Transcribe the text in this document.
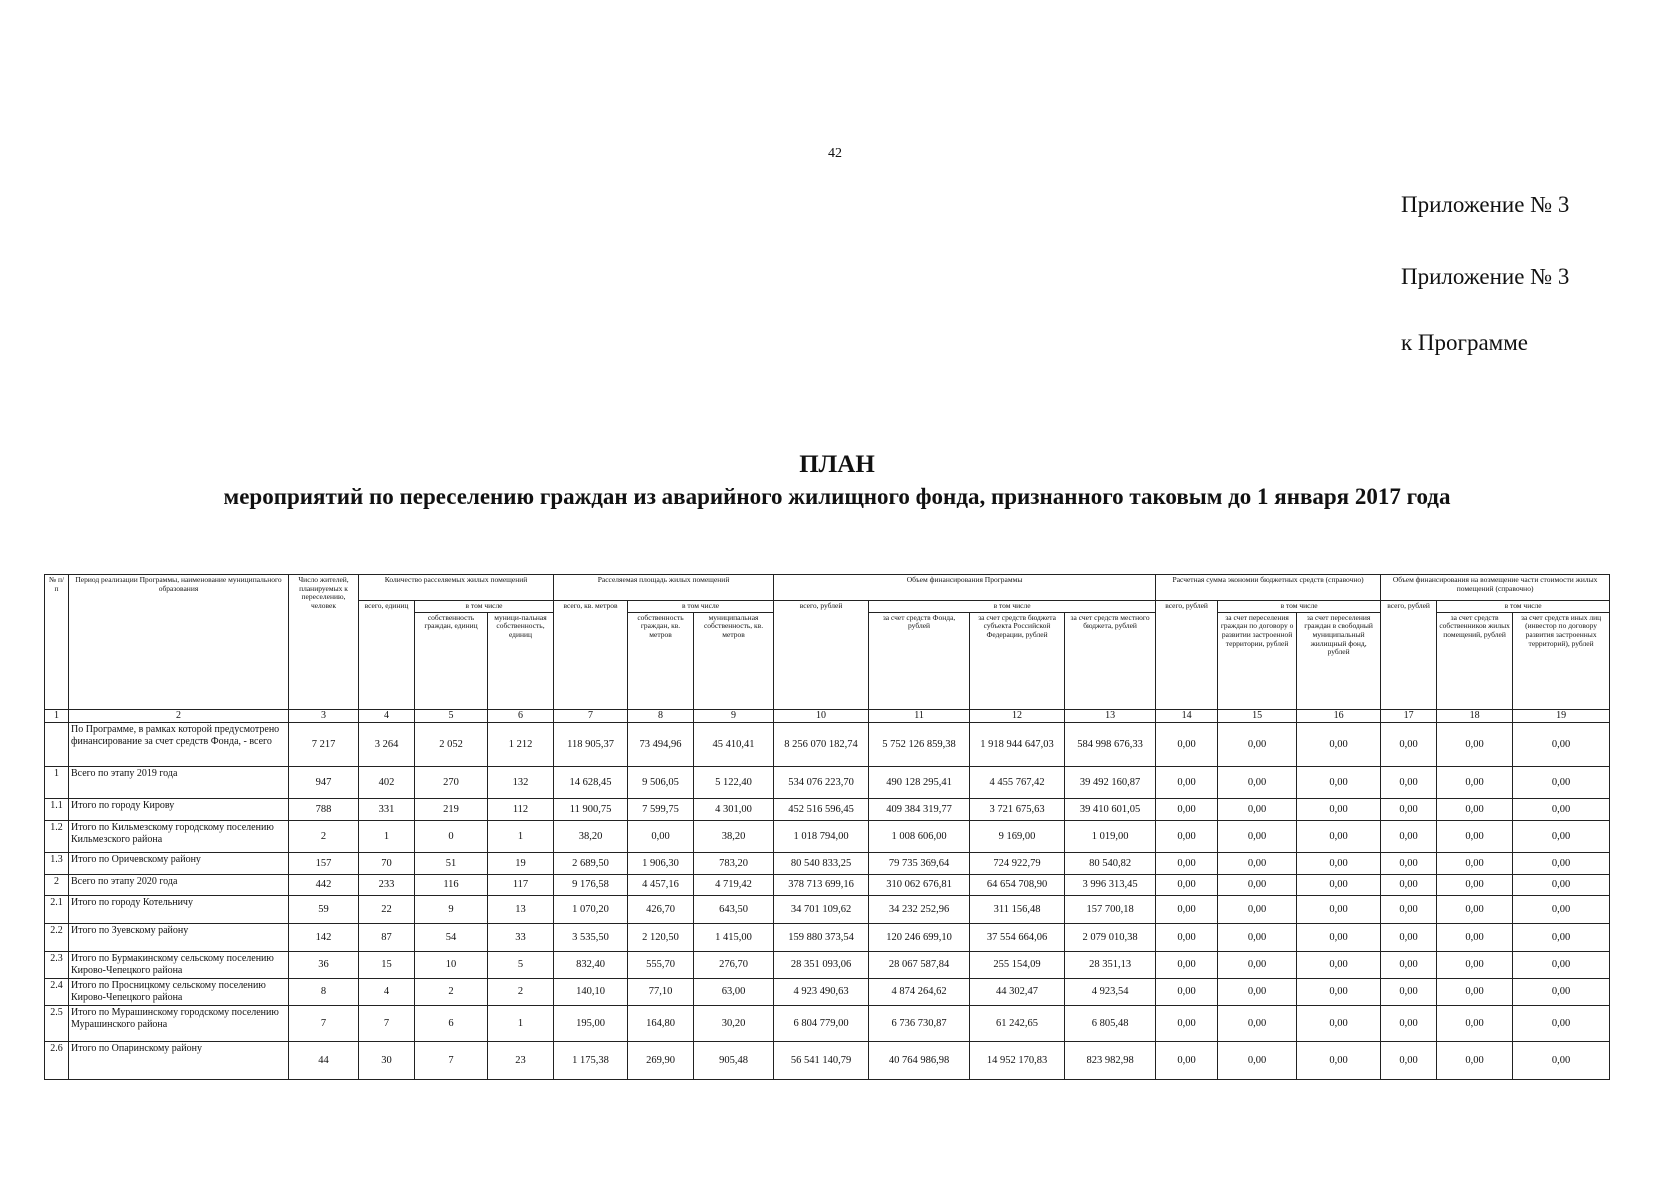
42
Приложение № 3
Приложение № 3
к Программе
ПЛАН
мероприятий по переселению граждан из аварийного жилищного фонда, признанного таковым до 1 января 2017 года
№ п/п	Период реализации Программы, наименование муниципального образования	Число жителей, планируемых к переселению, человек	Количество расселяемых жилых помещений			Расселяемая площадь жилых помещений			Объем финансирования Программы				Расчетная сумма экономии бюджетных средств (справочно)			Объем финансирования на возмещение части стоимости жилых помещений (справочно)		
			всего, единиц	в том числе		всего, кв. метров	в том числе		всего, рублей	в том числе			всего, рублей	в том числе		всего, рублей	в том числе	
				собственность граждан, единиц	муници-пальная собственность, единиц		собственность граждан, кв. метров	муниципальная собственность, кв. метров		за счет средств Фонда, рублей	за счет средств бюджета субъекта Российской Федерации, рублей	за счет средств местного бюджета, рублей		за счет переселения граждан по договору о развитии застроенной территории, рублей	за счет переселения граждан в свободный муниципальный жилищный фонд, рублей		за счет средств собственников жилых помещений, рублей	за счет средств иных лиц (инвестор по договору развития застроенных территорий), рублей
1	2	3	4	5	6	7	8	9	10	11	12	13	14	15	16	17	18	19
	По Программе, в рамках которой предусмотрено финансирование за счет средств Фонда, - всего	7 217	3 264	2 052	1 212	118 905,37	73 494,96	45 410,41	8 256 070 182,74	5 752 126 859,38	1 918 944 647,03	584 998 676,33	0,00	0,00	0,00	0,00	0,00	0,00
1	Всего по этапу 2019 года	947	402	270	132	14 628,45	9 506,05	5 122,40	534 076 223,70	490 128 295,41	4 455 767,42	39 492 160,87	0,00	0,00	0,00	0,00	0,00	0,00
1.1	Итого по городу Кирову	788	331	219	112	11 900,75	7 599,75	4 301,00	452 516 596,45	409 384 319,77	3 721 675,63	39 410 601,05	0,00	0,00	0,00	0,00	0,00	0,00
1.2	Итого по Кильмезскому городскому поселению Кильмезского района	2	1	0	1	38,20	0,00	38,20	1 018 794,00	1 008 606,00	9 169,00	1 019,00	0,00	0,00	0,00	0,00	0,00	0,00
1.3	Итого по Оричевскому району	157	70	51	19	2 689,50	1 906,30	783,20	80 540 833,25	79 735 369,64	724 922,79	80 540,82	0,00	0,00	0,00	0,00	0,00	0,00
2	Всего по этапу 2020 года	442	233	116	117	9 176,58	4 457,16	4 719,42	378 713 699,16	310 062 676,81	64 654 708,90	3 996 313,45	0,00	0,00	0,00	0,00	0,00	0,00
2.1	Итого по городу Котельничу	59	22	9	13	1 070,20	426,70	643,50	34 701 109,62	34 232 252,96	311 156,48	157 700,18	0,00	0,00	0,00	0,00	0,00	0,00
2.2	Итого по Зуевскому району	142	87	54	33	3 535,50	2 120,50	1 415,00	159 880 373,54	120 246 699,10	37 554 664,06	2 079 010,38	0,00	0,00	0,00	0,00	0,00	0,00
2.3	Итого по Бурмакинскому сельскому поселению Кирово-Чепецкого района	36	15	10	5	832,40	555,70	276,70	28 351 093,06	28 067 587,84	255 154,09	28 351,13	0,00	0,00	0,00	0,00	0,00	0,00
2.4	Итого по Просницкому сельскому поселению Кирово-Чепецкого района	8	4	2	2	140,10	77,10	63,00	4 923 490,63	4 874 264,62	44 302,47	4 923,54	0,00	0,00	0,00	0,00	0,00	0,00
2.5	Итого по Мурашинскому городскому поселению Мурашинского района	7	7	6	1	195,00	164,80	30,20	6 804 779,00	6 736 730,87	61 242,65	6 805,48	0,00	0,00	0,00	0,00	0,00	0,00
2.6	Итого по Опаринскому району	44	30	7	23	1 175,38	269,90	905,48	56 541 140,79	40 764 986,98	14 952 170,83	823 982,98	0,00	0,00	0,00	0,00	0,00	0,00
